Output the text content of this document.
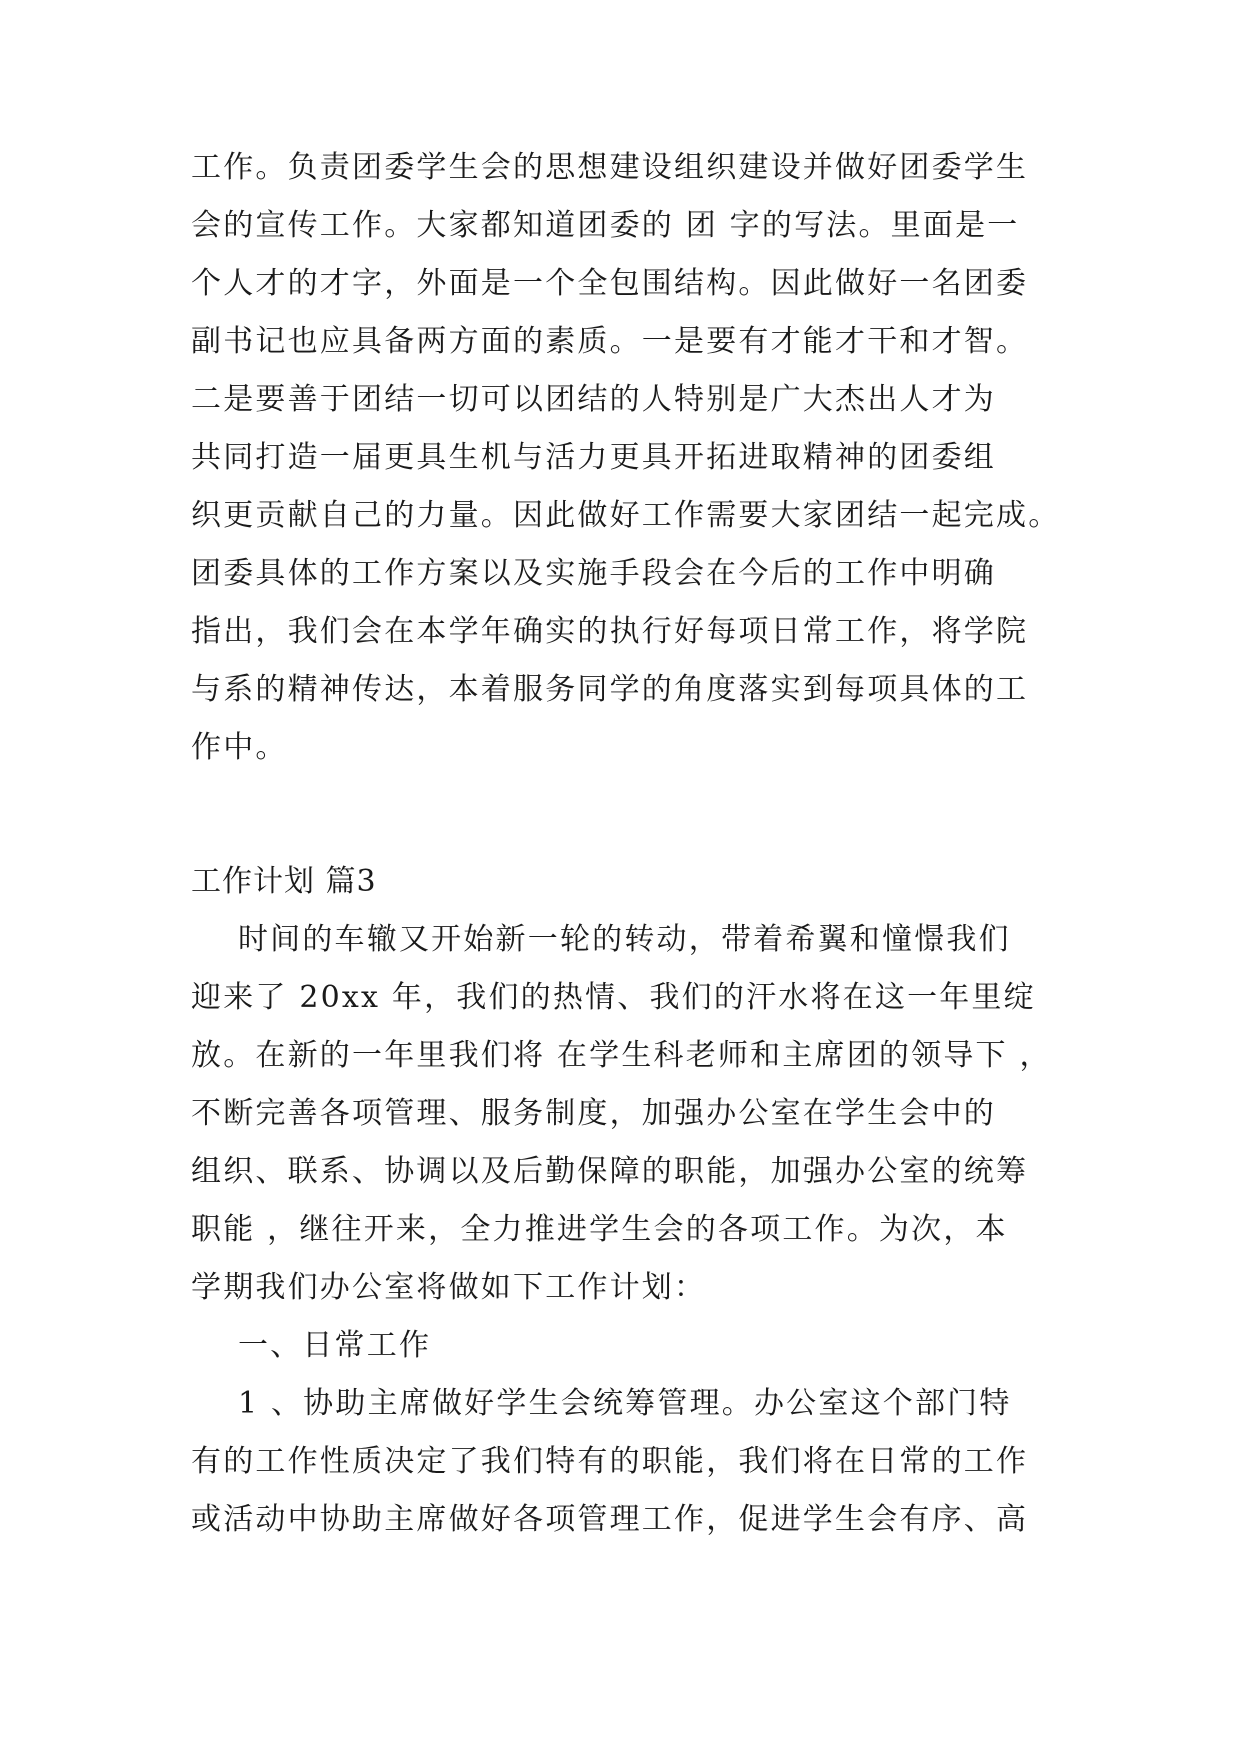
工作。负责团委学生会的思想建设组织建设并做好团委学生
会的宣传工作。大家都知道团委的 团 字的写法。里面是一
个人才的才字，外面是一个全包围结构。因此做好一名团委
副书记也应具备两方面的素质。一是要有才能才干和才智。
二是要善于团结一切可以团结的人特别是广大杰出人才为
共同打造一届更具生机与活力更具开拓进取精神的团委组
织更贡献自己的力量。因此做好工作需要大家团结一起完成。
团委具体的工作方案以及实施手段会在今后的工作中明确
指出，我们会在本学年确实的执行好每项日常工作，将学院
与系的精神传达，本着服务同学的角度落实到每项具体的工
作中。
工作计划 篇3
时间的车辙又开始新一轮的转动，带着希翼和憧憬我们
迎来了 20xx 年，我们的热情、我们的汗水将在这一年里绽
放。在新的一年里我们将 在学生科老师和主席团的领导下 ，
不断完善各项管理、服务制度，加强办公室在学生会中的
组织、联系、协调以及后勤保障的职能，加强办公室的统筹
职能 ，继往开来，全力推进学生会的各项工作。为次，本
学期我们办公室将做如下工作计划：
一、日常工作
1 、协助主席做好学生会统筹管理。办公室这个部门特
有的工作性质决定了我们特有的职能，我们将在日常的工作
或活动中协助主席做好各项管理工作，促进学生会有序、高
